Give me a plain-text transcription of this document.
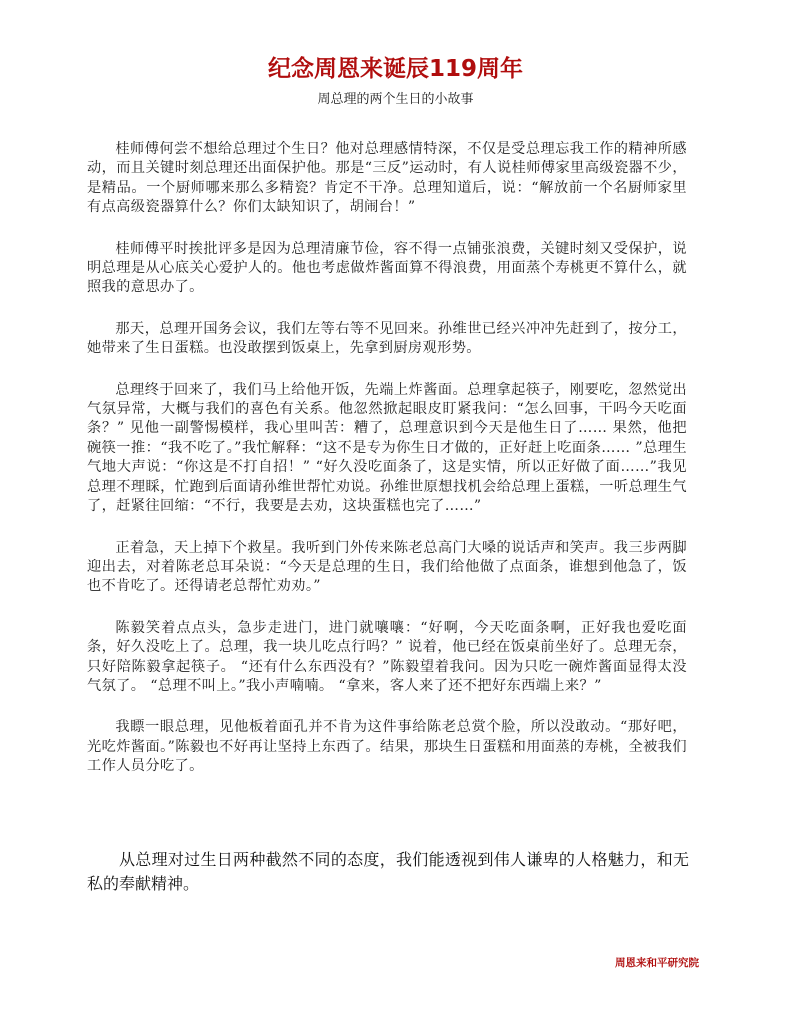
纪念周恩来诞辰119周年

周总理的两个生日的小故事

桂师傅何尝不想给总理过个生日？他对总理感情特深，不仅是受总理忘我工作的精神所感动，而且关键时刻总理还出面保护他。那是“三反”运动时，有人说桂师傅家里高级瓷器不少，是精品。一个厨师哪来那么多精瓷？肯定不干净。总理知道后，说：“解放前一个名厨师家里有点高级瓷器算什么？你们太缺知识了，胡闹台！”

桂师傅平时挨批评多是因为总理清廉节俭，容不得一点铺张浪费，关键时刻又受保护，说明总理是从心底关心爱护人的。他也考虑做炸酱面算不得浪费，用面蒸个寿桃更不算什么，就照我的意思办了。

那天，总理开国务会议，我们左等右等不见回来。孙维世已经兴冲冲先赶到了，按分工，她带来了生日蛋糕。也没敢摆到饭桌上，先拿到厨房观形势。

总理终于回来了，我们马上给他开饭，先端上炸酱面。总理拿起筷子，刚要吃，忽然觉出气氛异常，大概与我们的喜色有关系。他忽然掀起眼皮盯紧我问：“怎么回事，干吗今天吃面条？” 见他一副警惕模样，我心里叫苦：糟了，总理意识到今天是他生日了…… 果然，他把碗筷一推：“我不吃了。”我忙解释：“这不是专为你生日才做的，正好赶上吃面条…… ”总理生气地大声说：“你这是不打自招！” “好久没吃面条了，这是实情，所以正好做了面……”我见总理不理睬，忙跑到后面请孙维世帮忙劝说。孙维世原想找机会给总理上蛋糕，一听总理生气了，赶紧往回缩：“不行，我要是去劝，这块蛋糕也完了……”

正着急，天上掉下个救星。我听到门外传来陈老总高门大嗓的说话声和笑声。我三步两脚迎出去，对着陈老总耳朵说：“今天是总理的生日，我们给他做了点面条，谁想到他急了，饭也不肯吃了。还得请老总帮忙劝劝。”

陈毅笑着点点头，急步走进门，进门就嚷嚷：“好啊，今天吃面条啊，正好我也爱吃面条，好久没吃上了。总理，我一块儿吃点行吗？” 说着，他已经在饭桌前坐好了。总理无奈，只好陪陈毅拿起筷子。 “还有什么东西没有？”陈毅望着我问。因为只吃一碗炸酱面显得太没气氛了。 “总理不叫上。”我小声喃喃。 “拿来，客人来了还不把好东西端上来？”

我瞟一眼总理，见他板着面孔并不肯为这件事给陈老总赏个脸，所以没敢动。“那好吧，光吃炸酱面。”陈毅也不好再让坚持上东西了。结果，那块生日蛋糕和用面蒸的寿桃，全被我们工作人员分吃了。

从总理对过生日两种截然不同的态度，我们能透视到伟人谦卑的人格魅力，和无私的奉献精神。

周恩来和平研究院
